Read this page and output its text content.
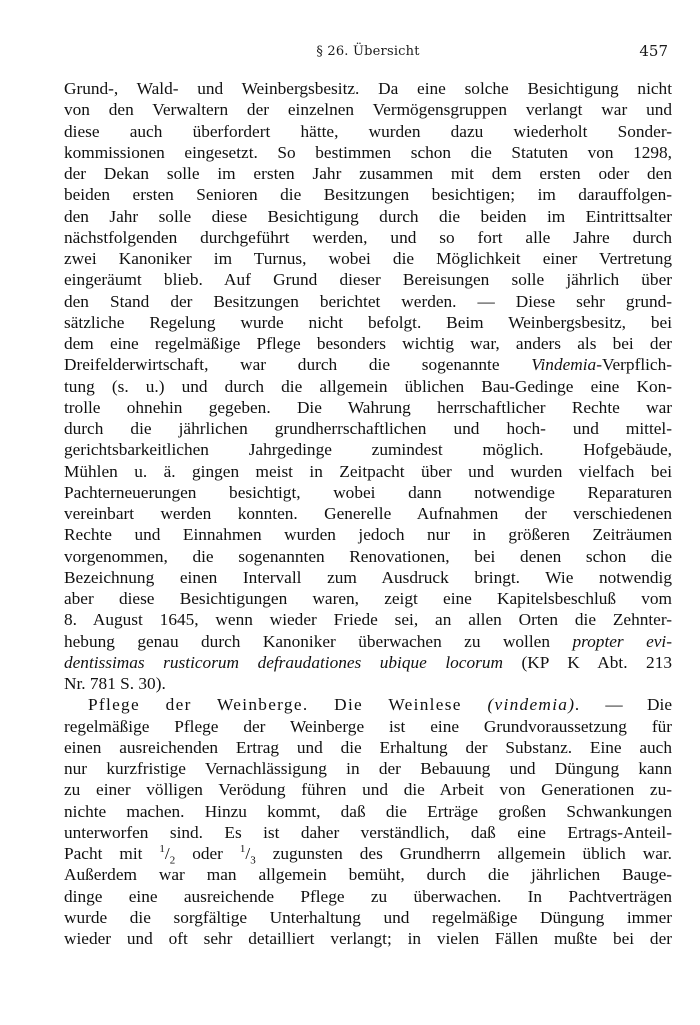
§ 26. Übersicht	457
Grund-, Wald- und Weinbergsbesitz. Da eine solche Besichtigung nicht
von den Verwaltern der einzelnen Vermögensgruppen verlangt war und
diese auch überfordert hätte, wurden dazu wiederholt Sonder-
kommissionen eingesetzt. So bestimmen schon die Statuten von 1298,
der Dekan solle im ersten Jahr zusammen mit dem ersten oder den
beiden ersten Senioren die Besitzungen besichtigen; im darauffolgen-
den Jahr solle diese Besichtigung durch die beiden im Eintrittsalter
nächstfolgenden durchgeführt werden, und so fort alle Jahre durch
zwei Kanoniker im Turnus, wobei die Möglichkeit einer Vertretung
eingeräumt blieb. Auf Grund dieser Bereisungen solle jährlich über
den Stand der Besitzungen berichtet werden. — Diese sehr grund-
sätzliche Regelung wurde nicht befolgt. Beim Weinbergsbesitz, bei
dem eine regelmäßige Pflege besonders wichtig war, anders als bei der
Dreifelderwirtschaft, war durch die sogenannte Vindemia-Verpflich-
tung (s. u.) und durch die allgemein üblichen Bau-Gedinge eine Kon-
trolle ohnehin gegeben. Die Wahrung herrschaftlicher Rechte war
durch die jährlichen grundherrschaftlichen und hoch- und mittel-
gerichtsbarkeitlichen Jahrgedinge zumindest möglich. Hofgebäude,
Mühlen u. ä. gingen meist in Zeitpacht über und wurden vielfach bei
Pachterneuerungen besichtigt, wobei dann notwendige Reparaturen
vereinbart werden konnten. Generelle Aufnahmen der verschiedenen
Rechte und Einnahmen wurden jedoch nur in größeren Zeiträumen
vorgenommen, die sogenannten Renovationen, bei denen schon die
Bezeichnung einen Intervall zum Ausdruck bringt. Wie notwendig
aber diese Besichtigungen waren, zeigt eine Kapitelsbeschluß vom
8. August 1645, wenn wieder Friede sei, an allen Orten die Zehnter-
hebung genau durch Kanoniker überwachen zu wollen propter evi-
dentissimas rusticorum defraudationes ubique locorum (KP K Abt. 213
Nr. 781 S. 30).
Pflege der Weinberge. Die Weinlese (vindemia). — Die
regelmäßige Pflege der Weinberge ist eine Grundvoraussetzung für
einen ausreichenden Ertrag und die Erhaltung der Substanz. Eine auch
nur kurzfristige Vernachlässigung in der Bebauung und Düngung kann
zu einer völligen Verödung führen und die Arbeit von Generationen zu-
nichte machen. Hinzu kommt, daß die Erträge großen Schwankungen
unterworfen sind. Es ist daher verständlich, daß eine Ertrags-Anteil-
Pacht mit $^1/_2$ oder $^1/_3$ zugunsten des Grundherrn allgemein üblich war.
Außerdem war man allgemein bemüht, durch die jährlichen Bauge-
dinge eine ausreichende Pflege zu überwachen. In Pachtverträgen
wurde die sorgfältige Unterhaltung und regelmäßige Düngung immer
wieder und oft sehr detailliert verlangt; in vielen Fällen mußte bei der
